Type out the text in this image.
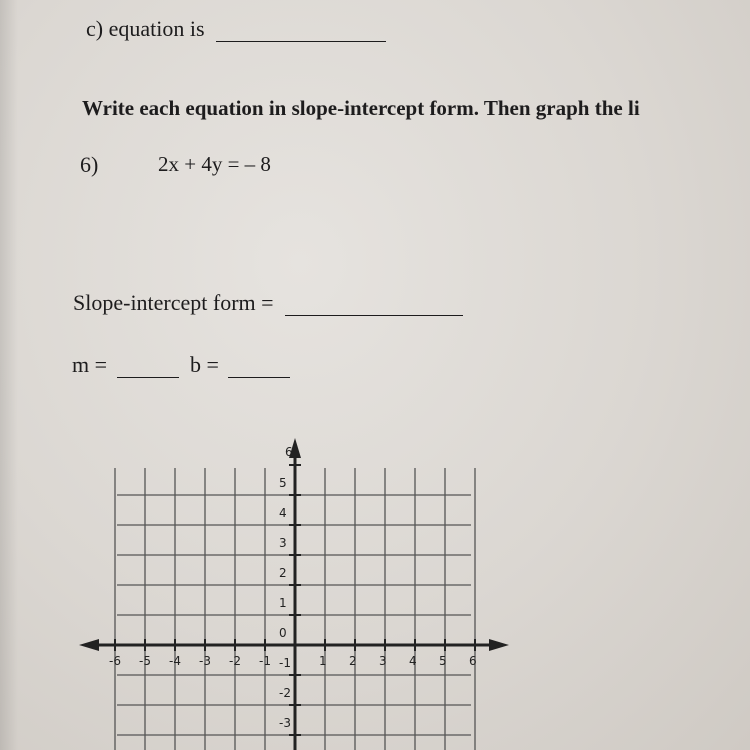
c) equation is
Write each equation in slope-intercept form. Then graph the li
6)	2x + 4y = – 8
Slope-intercept form =
m =	b =
5
4
3
2
1
0
-1
-2
-3
6
-6 -5 -4 -3 -2 -1	1 2 3 4 5 6
